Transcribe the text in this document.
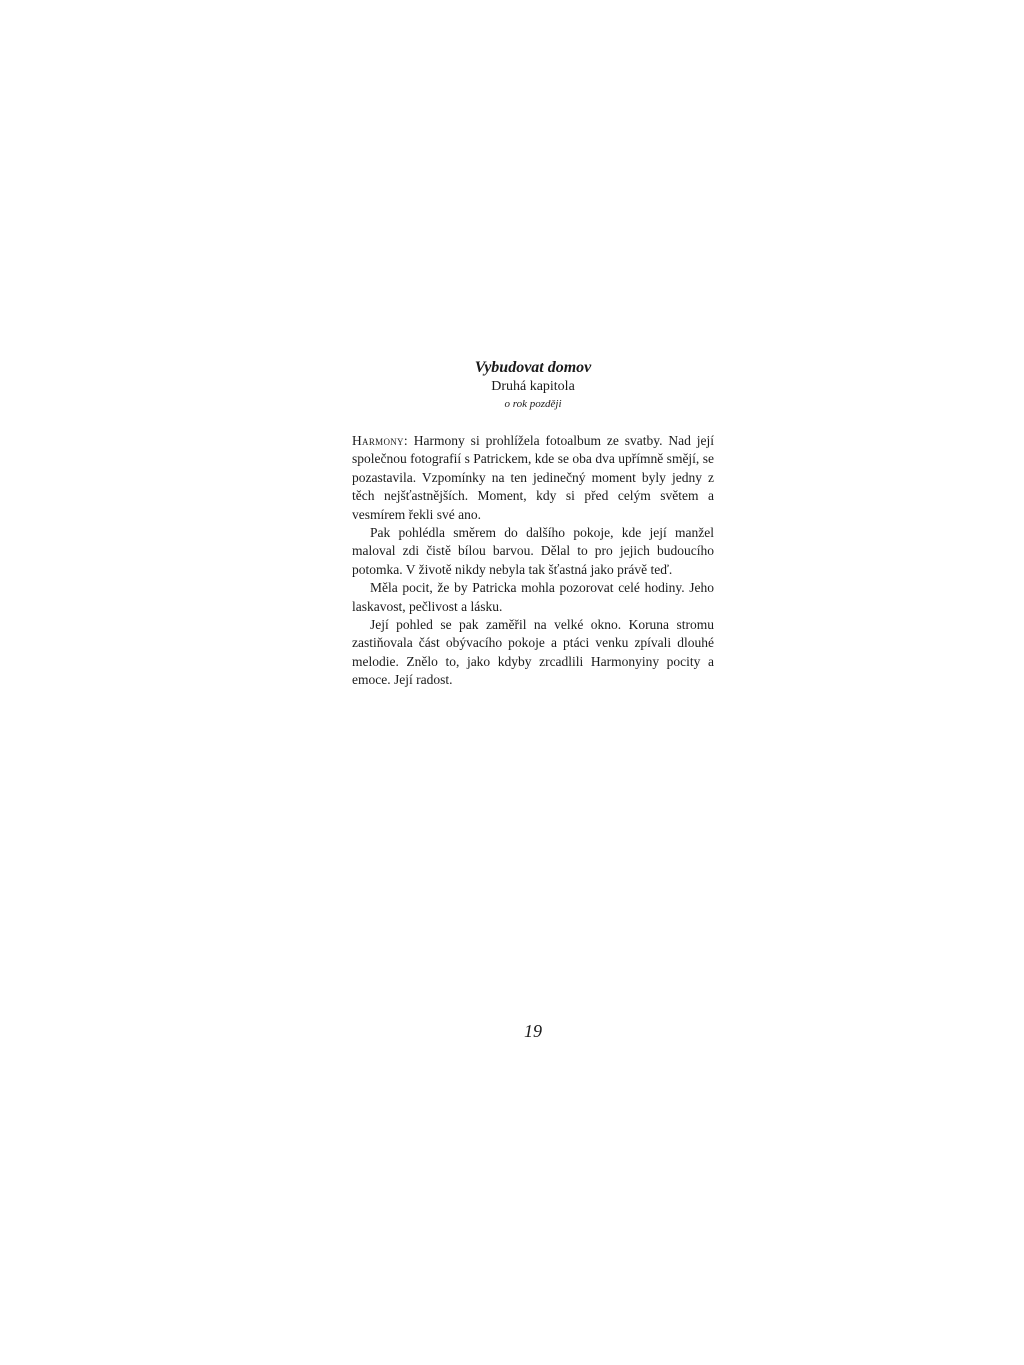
Vybudovat domov

Druhá kapitola

o rok později

Harmony: Harmony si prohlížela fotoalbum ze svatby. Nad její společnou fotografií s Patrickem, kde se oba dva upřímně smějí, se pozastavila. Vzpomínky na ten jedinečný moment byly jedny z těch nejšťastnějších. Moment, kdy si před celým světem a vesmírem řekli své ano.

Pak pohlédla směrem do dalšího pokoje, kde její manžel maloval zdi čistě bílou barvou. Dělal to pro jejich budoucího potomka. V životě nikdy nebyla tak šťastná jako právě teď.

Měla pocit, že by Patricka mohla pozorovat celé hodiny. Jeho laskavost, pečlivost a lásku.

Její pohled se pak zaměřil na velké okno. Koruna stromu zastiňovala část obývacího pokoje a ptáci venku zpívali dlouhé melodie. Znělo to, jako kdyby zrcadlili Harmonyiny pocity a emoce. Její radost.

19
